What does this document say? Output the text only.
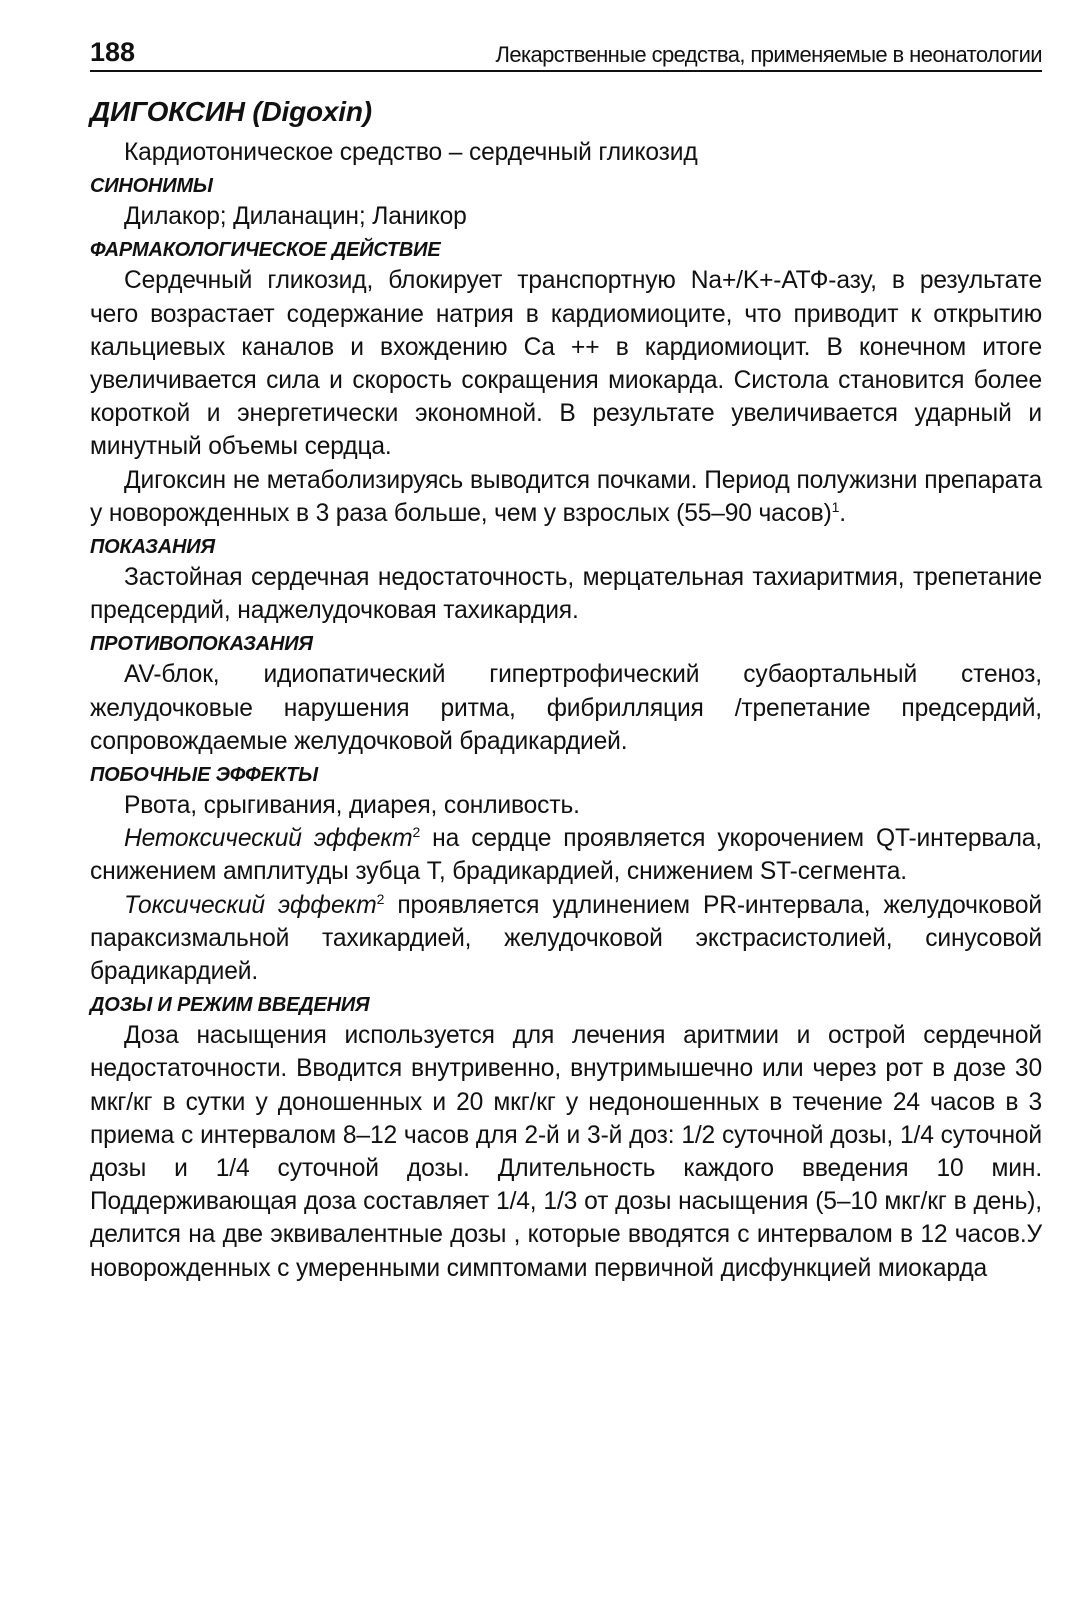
188	Лекарственные средства, применяемые в неонатологии
ДИГОКСИН (Digoxin)

Кардиотоническое средство – сердечный гликозид

СИНОНИМЫ

Дилакор; Диланацин; Ланикор

ФАРМАКОЛОГИЧЕСКОЕ ДЕЙСТВИЕ

Сердечный гликозид, блокирует транспортную Na+/K+-АТФ-азу, в результате чего возрастает содержание натрия в кардиомиоците, что приводит к открытию кальциевых каналов и вхождению Ca ++ в кардиомиоцит. В конечном итоге увеличивается сила и скорость сокращения миокарда. Систола становится более короткой и энергетически экономной. В результате увеличивается ударный и минутный объемы сердца.

Дигоксин не метаболизируясь выводится почками. Период полужизни препарата у новорожденных в 3 раза больше, чем у взрослых (55–90 часов)$^1$.

ПОКАЗАНИЯ

Застойная сердечная недостаточность, мерцательная тахиаритмия, трепетание предсердий, наджелудочковая тахикардия.

ПРОТИВОПОКАЗАНИЯ

AV-блок, идиопатический гипертрофический субаортальный стеноз, желудочковые нарушения ритма, фибрилляция /трепетание предсердий, сопровождаемые желудочковой брадикардией.

ПОБОЧНЫЕ ЭФФЕКТЫ

Рвота, срыгивания, диарея, сонливость.

Нетоксический эффект$^2$ на сердце проявляется укорочением QT-интервала, снижением амплитуды зубца T, брадикардией, снижением ST-сегмента.

Токсический эффект$^2$ проявляется удлинением PR-интервала, желудочковой параксизмальной тахикардией, желудочковой экстрасистолией, синусовой брадикардией.

ДОЗЫ И РЕЖИМ ВВЕДЕНИЯ

Доза насыщения используется для лечения аритмии и острой сердечной недостаточности. Вводится внутривенно, внутримышечно или через рот в дозе 30 мкг/кг в сутки у доношенных и 20 мкг/кг у недоношенных в течение 24 часов в 3 приема с интервалом 8–12 часов для 2-й и 3-й доз: 1/2 суточной дозы, 1/4 суточной дозы и 1/4 суточной дозы. Длительность каждого введения 10 мин. Поддерживающая доза составляет 1/4, 1/3 от дозы насыщения (5–10 мкг/кг в день), делится на две эквивалентные дозы , которые вводятся с интервалом в 12 часов.У новорожденных с умеренными симптомами первичной дисфункцией миокарда
